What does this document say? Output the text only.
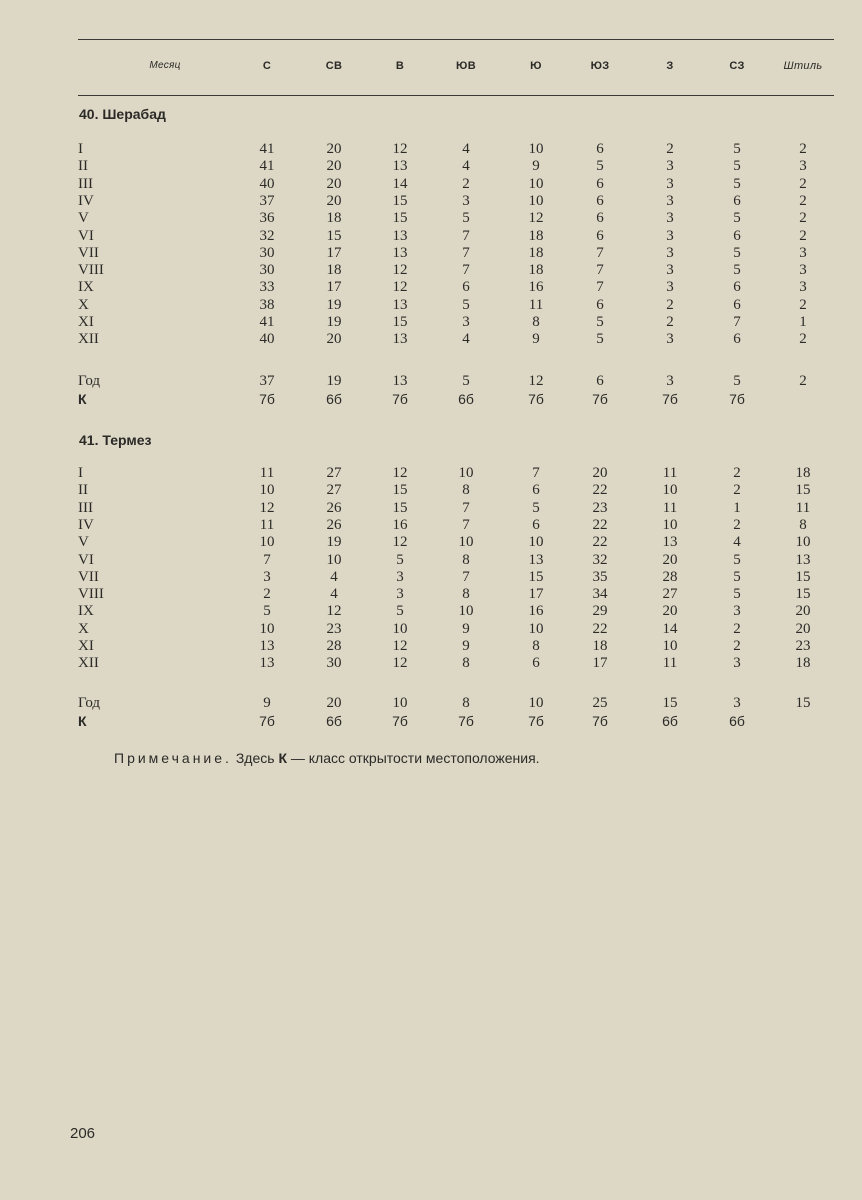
Месяц	С	СВ	В	ЮВ	Ю	ЮЗ	З	СЗ	Штиль
40. Шерабад
I	41	20	12	4	10	6	2	5	2
II	41	20	13	4	9	5	3	5	3
III	40	20	14	2	10	6	3	5	2
IV	37	20	15	3	10	6	3	6	2
V	36	18	15	5	12	6	3	5	2
VI	32	15	13	7	18	6	3	6	2
VII	30	17	13	7	18	7	3	5	3
VIII	30	18	12	7	18	7	3	5	3
IX	33	17	12	6	16	7	3	6	3
X	38	19	13	5	11	6	2	6	2
XI	41	19	15	3	8	5	2	7	1
XII	40	20	13	4	9	5	3	6	2
Год	37	19	13	5	12	6	3	5	2
К	7б	6б	7б	6б	7б	7б	7б	7б
41. Термез
I	11	27	12	10	7	20	11	2	18
II	10	27	15	8	6	22	10	2	15
III	12	26	15	7	5	23	11	1	11
IV	11	26	16	7	6	22	10	2	8
V	10	19	12	10	10	22	13	4	10
VI	7	10	5	8	13	32	20	5	13
VII	3	4	3	7	15	35	28	5	15
VIII	2	4	3	8	17	34	27	5	15
IX	5	12	5	10	16	29	20	3	20
X	10	23	10	9	10	22	14	2	20
XI	13	28	12	9	8	18	10	2	23
XII	13	30	12	8	6	17	11	3	18
Год	9	20	10	8	10	25	15	3	15
К	7б	6б	7б	7б	7б	7б	6б	6б
Примечание. Здесь К — класс открытости местоположения.
206
